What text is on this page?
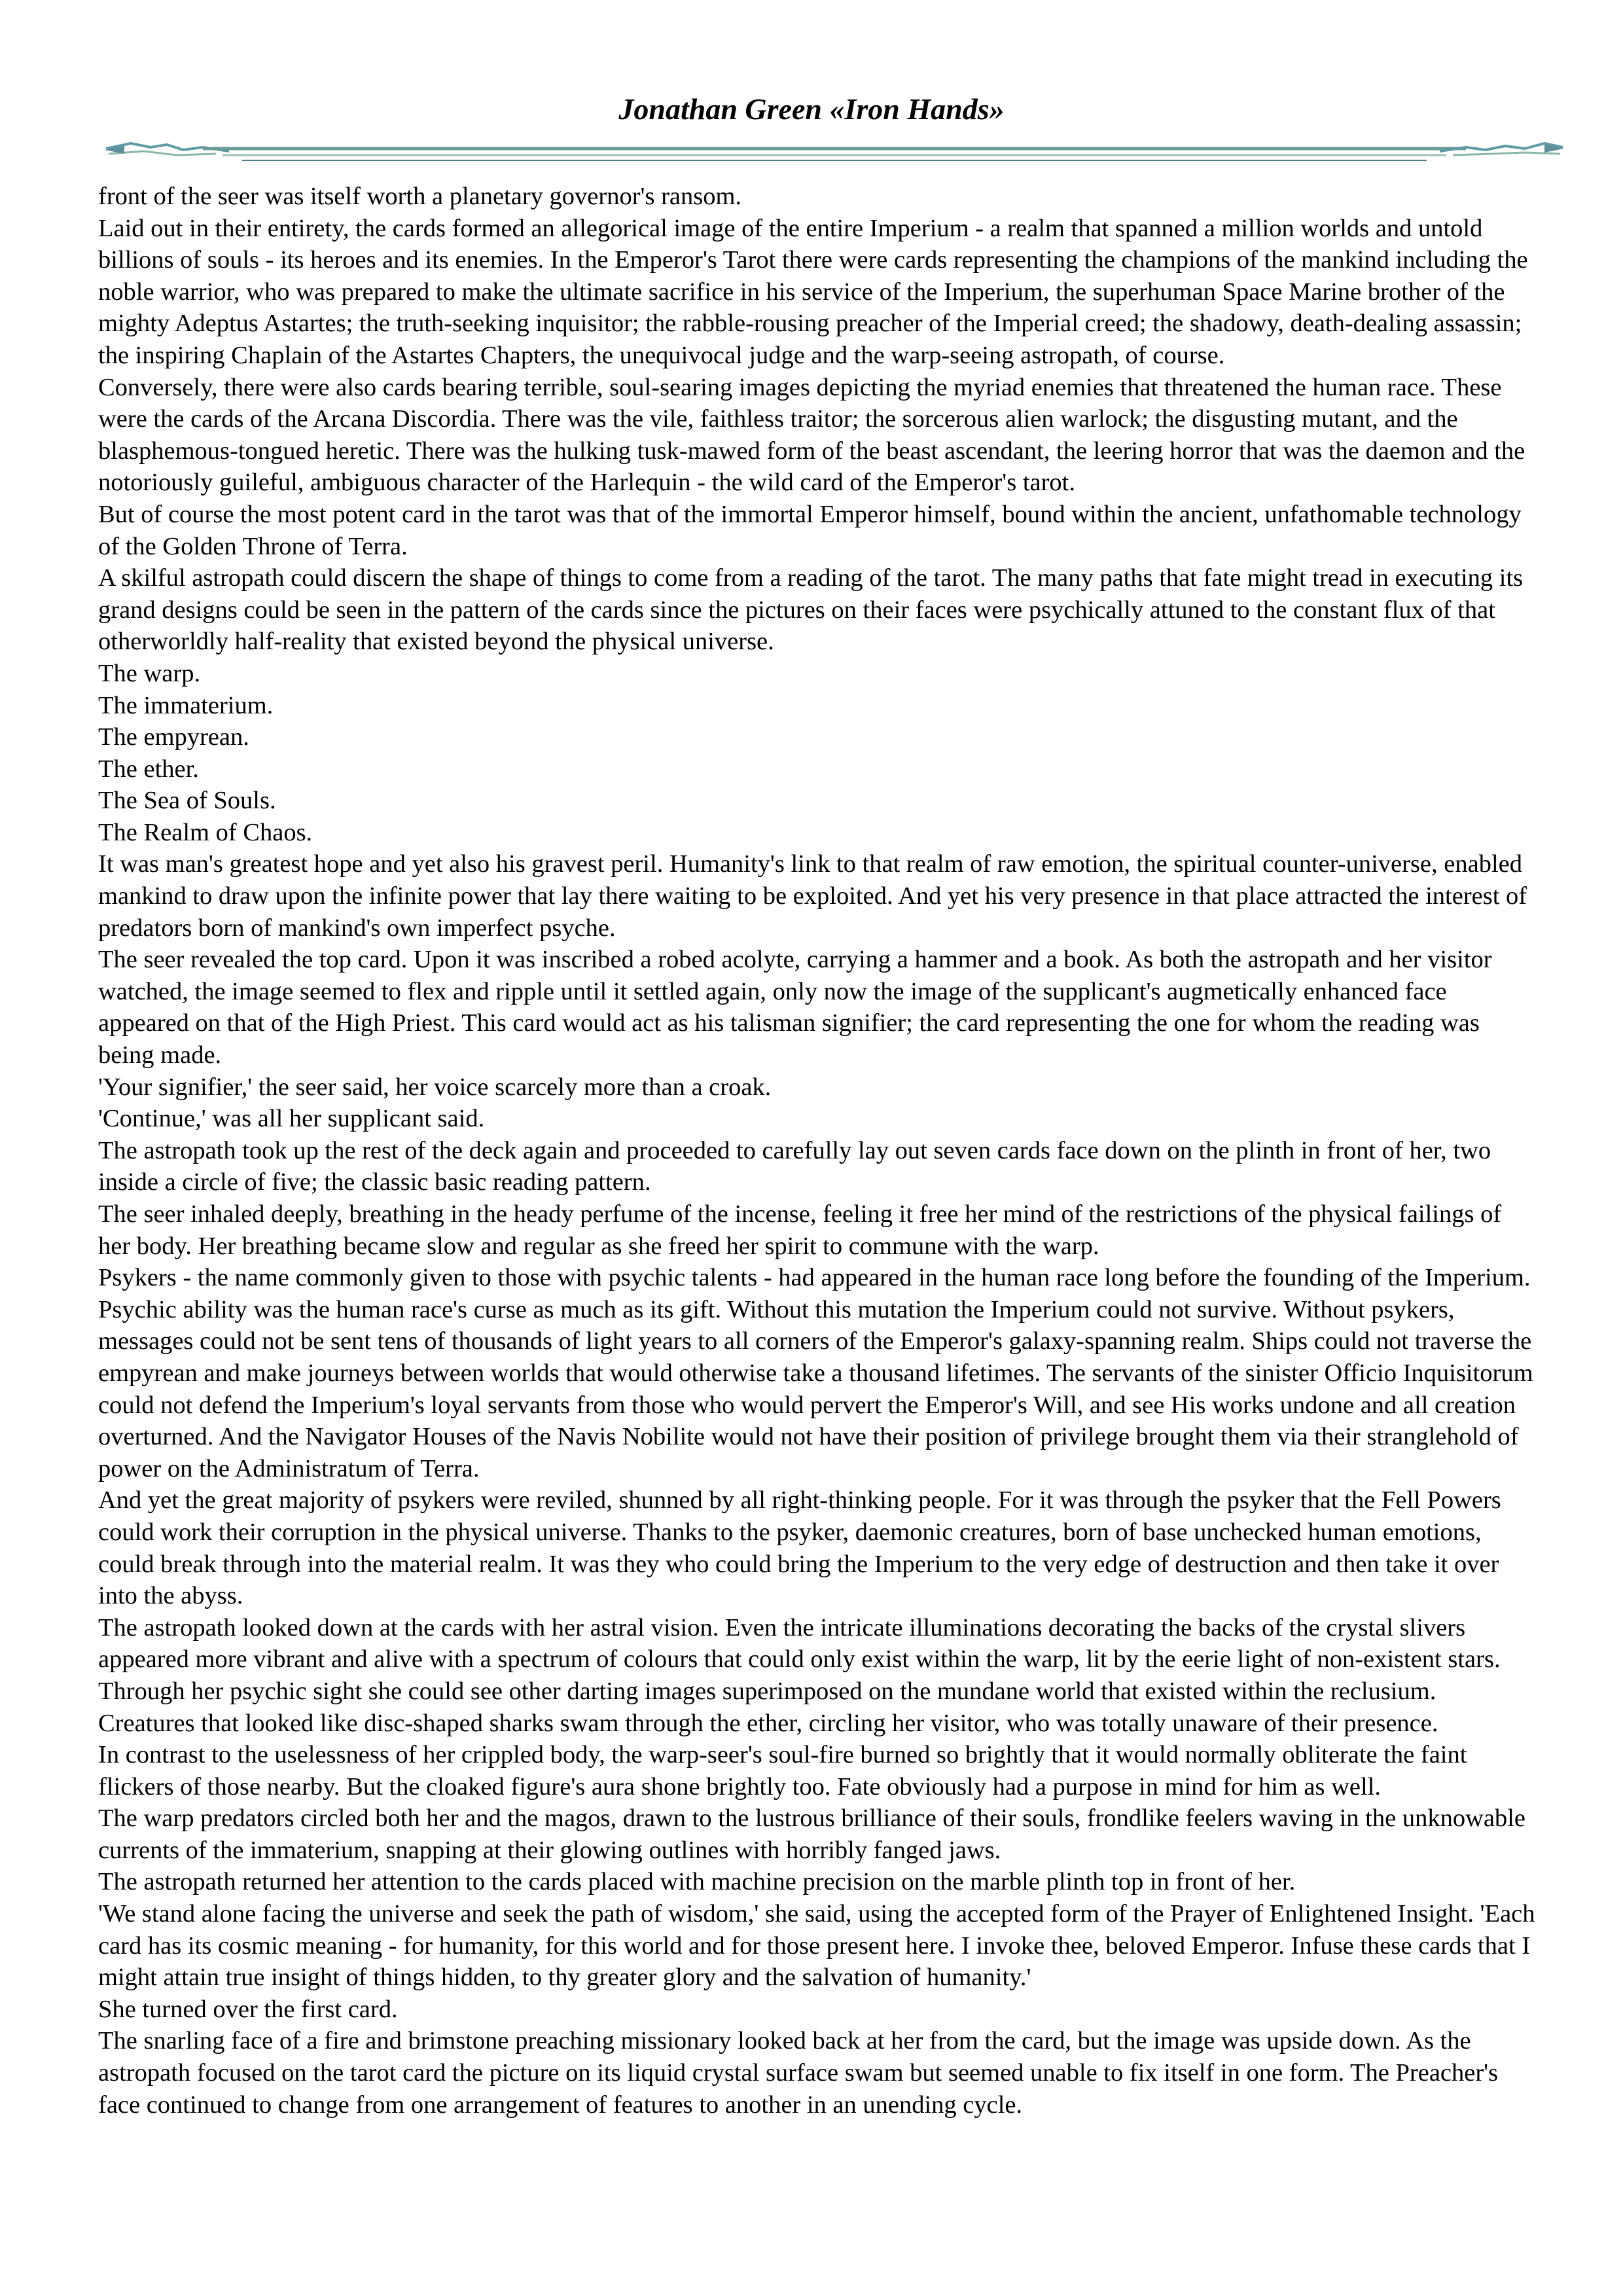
Jonathan Green «Iron Hands»

front of the seer was itself worth a planetary governor's ransom.

Laid out in their entirety, the cards formed an allegorical image of the entire Imperium - a realm that spanned a million worlds and untold billions of souls - its heroes and its enemies. In the Emperor's Tarot there were cards representing the champions of the mankind including the noble warrior, who was prepared to make the ultimate sacrifice in his service of the Imperium, the superhuman Space Marine brother of the mighty Adeptus Astartes; the truth-seeking inquisitor; the rabble-rousing preacher of the Imperial creed; the shadowy, death-dealing assassin; the inspiring Chaplain of the Astartes Chapters, the unequivocal judge and the warp-seeing astropath, of course.

Conversely, there were also cards bearing terrible, soul-searing images depicting the myriad enemies that threatened the human race. These were the cards of the Arcana Discordia. There was the vile, faithless traitor; the sorcerous alien warlock; the disgusting mutant, and the blasphemous-tongued heretic. There was the hulking tusk-mawed form of the beast ascendant, the leering horror that was the daemon and the notoriously guileful, ambiguous character of the Harlequin - the wild card of the Emperor's tarot.

But of course the most potent card in the tarot was that of the immortal Emperor himself, bound within the ancient, unfathomable technology of the Golden Throne of Terra.

A skilful astropath could discern the shape of things to come from a reading of the tarot. The many paths that fate might tread in executing its grand designs could be seen in the pattern of the cards since the pictures on their faces were psychically attuned to the constant flux of that otherworldly half-reality that existed beyond the physical universe.

The warp.

The immaterium.

The empyrean.

The ether.

The Sea of Souls.

The Realm of Chaos.

It was man's greatest hope and yet also his gravest peril. Humanity's link to that realm of raw emotion, the spiritual counter-universe, enabled mankind to draw upon the infinite power that lay there waiting to be exploited. And yet his very presence in that place attracted the interest of predators born of mankind's own imperfect psyche.

The seer revealed the top card. Upon it was inscribed a robed acolyte, carrying a hammer and a book. As both the astropath and her visitor watched, the image seemed to flex and ripple until it settled again, only now the image of the supplicant's augmetically enhanced face appeared on that of the High Priest. This card would act as his talisman signifier; the card representing the one for whom the reading was being made.

'Your signifier,' the seer said, her voice scarcely more than a croak.

'Continue,' was all her supplicant said.

The astropath took up the rest of the deck again and proceeded to carefully lay out seven cards face down on the plinth in front of her, two inside a circle of five; the classic basic reading pattern.

The seer inhaled deeply, breathing in the heady perfume of the incense, feeling it free her mind of the restrictions of the physical failings of her body. Her breathing became slow and regular as she freed her spirit to commune with the warp.

Psykers - the name commonly given to those with psychic talents - had appeared in the human race long before the founding of the Imperium. Psychic ability was the human race's curse as much as its gift. Without this mutation the Imperium could not survive. Without psykers, messages could not be sent tens of thousands of light years to all corners of the Emperor's galaxy-spanning realm. Ships could not traverse the empyrean and make journeys between worlds that would otherwise take a thousand lifetimes. The servants of the sinister Officio Inquisitorum could not defend the Imperium's loyal servants from those who would pervert the Emperor's Will, and see His works undone and all creation overturned. And the Navigator Houses of the Navis Nobilite would not have their position of privilege brought them via their stranglehold of power on the Administratum of Terra.

And yet the great majority of psykers were reviled, shunned by all right-thinking people. For it was through the psyker that the Fell Powers could work their corruption in the physical universe. Thanks to the psyker, daemonic creatures, born of base unchecked human emotions, could break through into the material realm. It was they who could bring the Imperium to the very edge of destruction and then take it over into the abyss.

The astropath looked down at the cards with her astral vision. Even the intricate illuminations decorating the backs of the crystal slivers appeared more vibrant and alive with a spectrum of colours that could only exist within the warp, lit by the eerie light of non-existent stars.

Through her psychic sight she could see other darting images superimposed on the mundane world that existed within the reclusium. Creatures that looked like disc-shaped sharks swam through the ether, circling her visitor, who was totally unaware of their presence.

In contrast to the uselessness of her crippled body, the warp-seer's soul-fire burned so brightly that it would normally obliterate the faint flickers of those nearby. But the cloaked figure's aura shone brightly too. Fate obviously had a purpose in mind for him as well.

The warp predators circled both her and the magos, drawn to the lustrous brilliance of their souls, frondlike feelers waving in the unknowable currents of the immaterium, snapping at their glowing outlines with horribly fanged jaws.

The astropath returned her attention to the cards placed with machine precision on the marble plinth top in front of her.

'We stand alone facing the universe and seek the path of wisdom,' she said, using the accepted form of the Prayer of Enlightened Insight. 'Each card has its cosmic meaning - for humanity, for this world and for those present here. I invoke thee, beloved Emperor. Infuse these cards that I might attain true insight of things hidden, to thy greater glory and the salvation of humanity.'

She turned over the first card.

The snarling face of a fire and brimstone preaching missionary looked back at her from the card, but the image was upside down. As the astropath focused on the tarot card the picture on its liquid crystal surface swam but seemed unable to fix itself in one form. The Preacher's face continued to change from one arrangement of features to another in an unending cycle.
